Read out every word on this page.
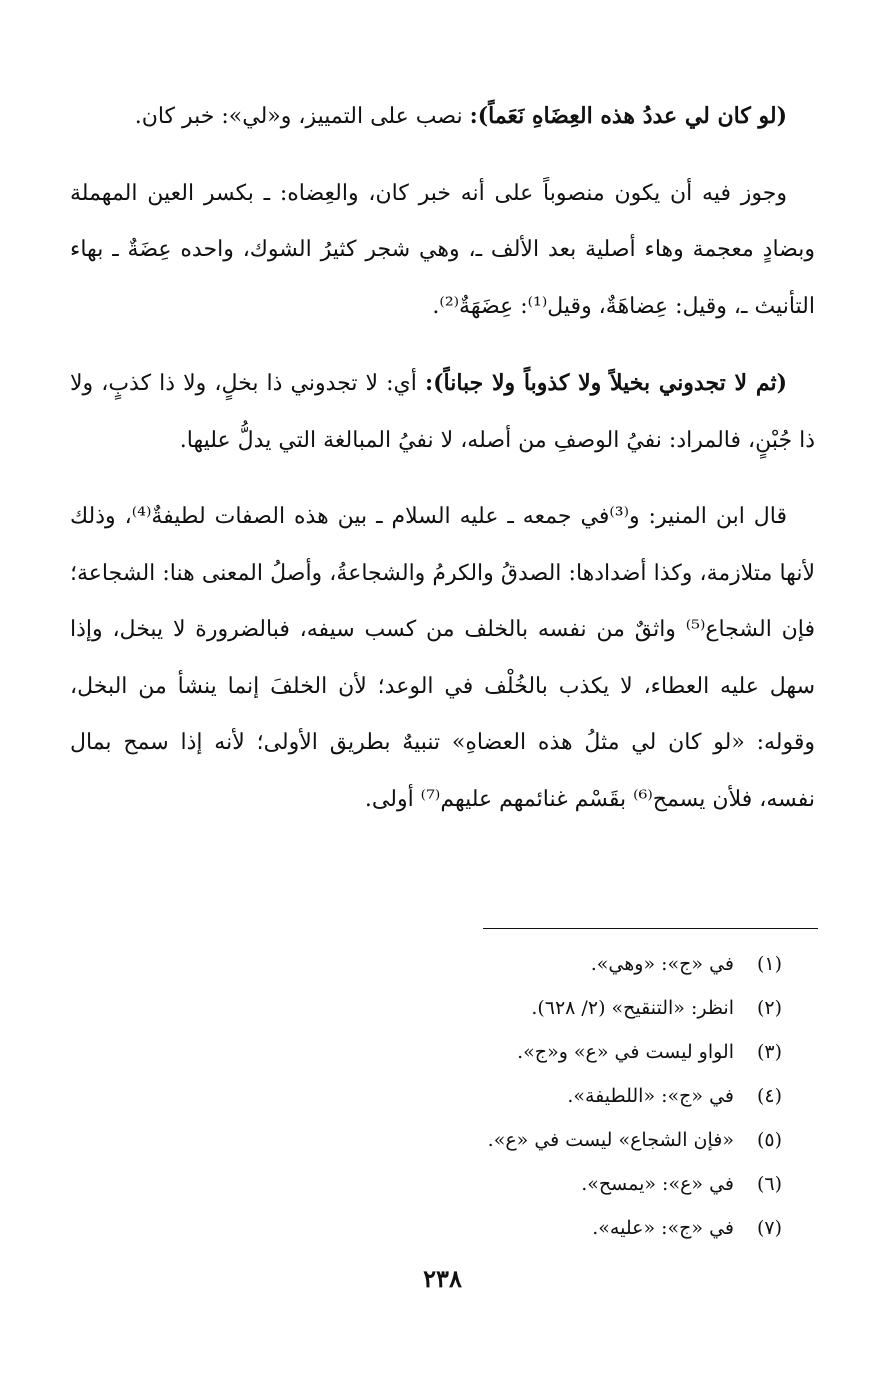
(لو كان لي عددُ هذه العِضَاهِ نَعَماً): نصب على التمييز، و«لي»: خبر كان.

وجوز فيه أن يكون منصوباً على أنه خبر كان، والعِضاه: ـ بكسر العين المهملة وبضادٍ معجمة وهاء أصلية بعد الألف ـ، وهي شجر كثيرُ الشوك، واحده عِضَةٌ ـ بهاء التأنيث ـ، وقيل: عِضاهَةٌ، وقيل⁽¹⁾: عِضَهَةٌ⁽²⁾.

(ثم لا تجدوني بخيلاً ولا كذوباً ولا جباناً): أي: لا تجدوني ذا بخلٍ، ولا ذا كذبٍ، ولا ذا جُبْنٍ، فالمراد: نفيُ الوصفِ من أصله، لا نفيُ المبالغة التي يدلُّ عليها.

قال ابن المنير: و⁽³⁾في جمعه ـ عليه السلام ـ بين هذه الصفات لطيفةٌ⁽⁴⁾، وذلك لأنها متلازمة، وكذا أضدادها: الصدقُ والكرمُ والشجاعةُ، وأصلُ المعنى هنا: الشجاعة؛ فإن الشجاع⁽⁵⁾ واثقٌ من نفسه بالخلف من كسب سيفه، فبالضرورة لا يبخل، وإذا سهل عليه العطاء، لا يكذب بالخُلْف في الوعد؛ لأن الخلفَ إنما ينشأ من البخل، وقوله: «لو كان لي مثلُ هذه العضاهِ» تنبيهٌ بطريق الأولى؛ لأنه إذا سمح بمال نفسه، فلأن يسمح⁽⁶⁾ بقَسْم غنائمهم عليهم⁽⁷⁾ أولى.

(١)في «ج»: «وهي».
(٢)انظر: «التنقيح» (٢/ ٦٢٨).
(٣)الواو ليست في «ع» و«ج».
(٤)في «ج»: «اللطيفة».
(٥)«فإن الشجاع» ليست في «ع».
(٦)في «ع»: «يمسح».
(٧)في «ج»: «عليه».
٢٣٨
